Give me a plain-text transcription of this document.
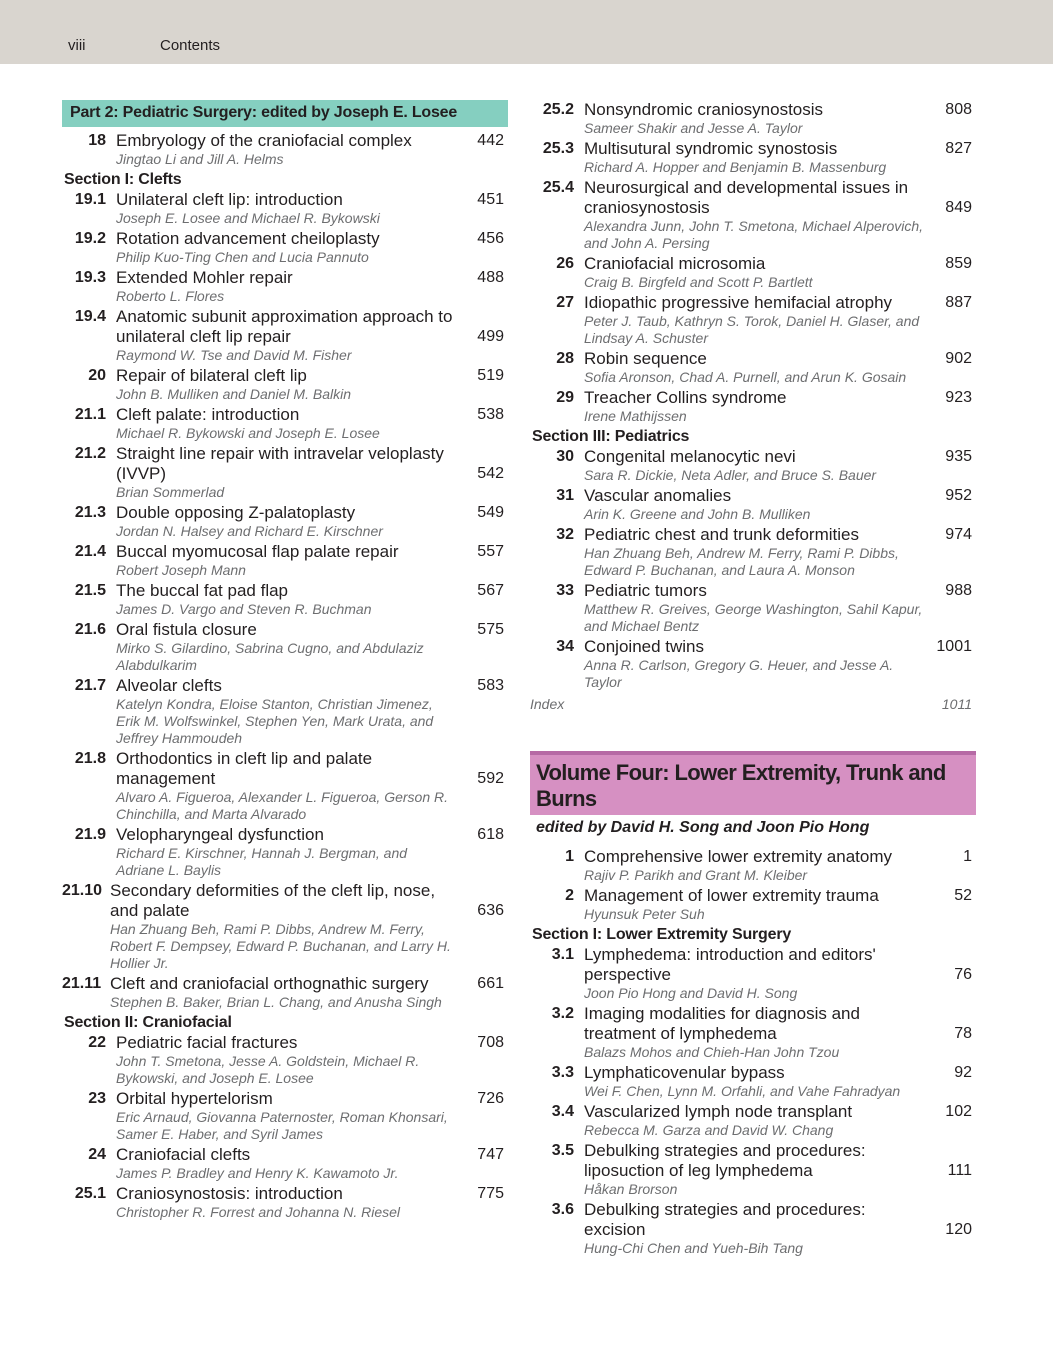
viii	Contents
Part 2: Pediatric Surgery: edited by Joseph E. Losee
18 Embryology of the craniofacial complex
Jingtao Li and Jill A. Helms
442
Section I: Clefts
19.1 Unilateral cleft lip: introduction
Joseph E. Losee and Michael R. Bykowski
451
19.2 Rotation advancement cheiloplasty
Philip Kuo-Ting Chen and Lucia Pannuto
456
19.3 Extended Mohler repair
Roberto L. Flores
488
19.4 Anatomic subunit approximation approach to unilateral cleft lip repair
Raymond W. Tse and David M. Fisher
499
20 Repair of bilateral cleft lip
John B. Mulliken and Daniel M. Balkin
519
21.1 Cleft palate: introduction
Michael R. Bykowski and Joseph E. Losee
538
21.2 Straight line repair with intravelar veloplasty (IVVP)
Brian Sommerlad
542
21.3 Double opposing Z-palatoplasty
Jordan N. Halsey and Richard E. Kirschner
549
21.4 Buccal myomucosal flap palate repair
Robert Joseph Mann
557
21.5 The buccal fat pad flap
James D. Vargo and Steven R. Buchman
567
21.6 Oral fistula closure
Mirko S. Gilardino, Sabrina Cugno, and Abdulaziz Alabdulkarim
575
21.7 Alveolar clefts
Katelyn Kondra, Eloise Stanton, Christian Jimenez, Erik M. Wolfswinkel, Stephen Yen, Mark Urata, and Jeffrey Hammoudeh
583
21.8 Orthodontics in cleft lip and palate management
Alvaro A. Figueroa, Alexander L. Figueroa, Gerson R. Chinchilla, and Marta Alvarado
592
21.9 Velopharyngeal dysfunction
Richard E. Kirschner, Hannah J. Bergman, and Adriane L. Baylis
618
21.10 Secondary deformities of the cleft lip, nose, and palate
Han Zhuang Beh, Rami P. Dibbs, Andrew M. Ferry, Robert F. Dempsey, Edward P. Buchanan, and Larry H. Hollier Jr.
636
21.11 Cleft and craniofacial orthognathic surgery
Stephen B. Baker, Brian L. Chang, and Anusha Singh
661
Section II: Craniofacial
22 Pediatric facial fractures
John T. Smetona, Jesse A. Goldstein, Michael R. Bykowski, and Joseph E. Losee
708
23 Orbital hypertelorism
Eric Arnaud, Giovanna Paternoster, Roman Khonsari, Samer E. Haber, and Syril James
726
24 Craniofacial clefts
James P. Bradley and Henry K. Kawamoto Jr.
747
25.1 Craniosynostosis: introduction
Christopher R. Forrest and Johanna N. Riesel
775
25.2 Nonsyndromic craniosynostosis
Sameer Shakir and Jesse A. Taylor
808
25.3 Multisutural syndromic synostosis
Richard A. Hopper and Benjamin B. Massenburg
827
25.4 Neurosurgical and developmental issues in craniosynostosis
Alexandra Junn, John T. Smetona, Michael Alperovich, and John A. Persing
849
26 Craniofacial microsomia
Craig B. Birgfeld and Scott P. Bartlett
859
27 Idiopathic progressive hemifacial atrophy
Peter J. Taub, Kathryn S. Torok, Daniel H. Glaser, and Lindsay A. Schuster
887
28 Robin sequence
Sofia Aronson, Chad A. Purnell, and Arun K. Gosain
902
29 Treacher Collins syndrome
Irene Mathijssen
923
Section III: Pediatrics
30 Congenital melanocytic nevi
Sara R. Dickie, Neta Adler, and Bruce S. Bauer
935
31 Vascular anomalies
Arin K. Greene and John B. Mulliken
952
32 Pediatric chest and trunk deformities
Han Zhuang Beh, Andrew M. Ferry, Rami P. Dibbs, Edward P. Buchanan, and Laura A. Monson
974
33 Pediatric tumors
Matthew R. Greives, George Washington, Sahil Kapur, and Michael Bentz
988
34 Conjoined twins
Anna R. Carlson, Gregory G. Heuer, and Jesse A. Taylor
1001
Index	1011
Volume Four: Lower Extremity, Trunk and Burns
edited by David H. Song and Joon Pio Hong
1 Comprehensive lower extremity anatomy
Rajiv P. Parikh and Grant M. Kleiber
1
2 Management of lower extremity trauma
Hyunsuk Peter Suh
52
Section I: Lower Extremity Surgery
3.1 Lymphedema: introduction and editors' perspective
Joon Pio Hong and David H. Song
76
3.2 Imaging modalities for diagnosis and treatment of lymphedema
Balazs Mohos and Chieh-Han John Tzou
78
3.3 Lymphaticovenular bypass
Wei F. Chen, Lynn M. Orfahli, and Vahe Fahradyan
92
3.4 Vascularized lymph node transplant
Rebecca M. Garza and David W. Chang
102
3.5 Debulking strategies and procedures: liposuction of leg lymphedema
Håkan Brorson
111
3.6 Debulking strategies and procedures: excision
Hung-Chi Chen and Yueh-Bih Tang
120
